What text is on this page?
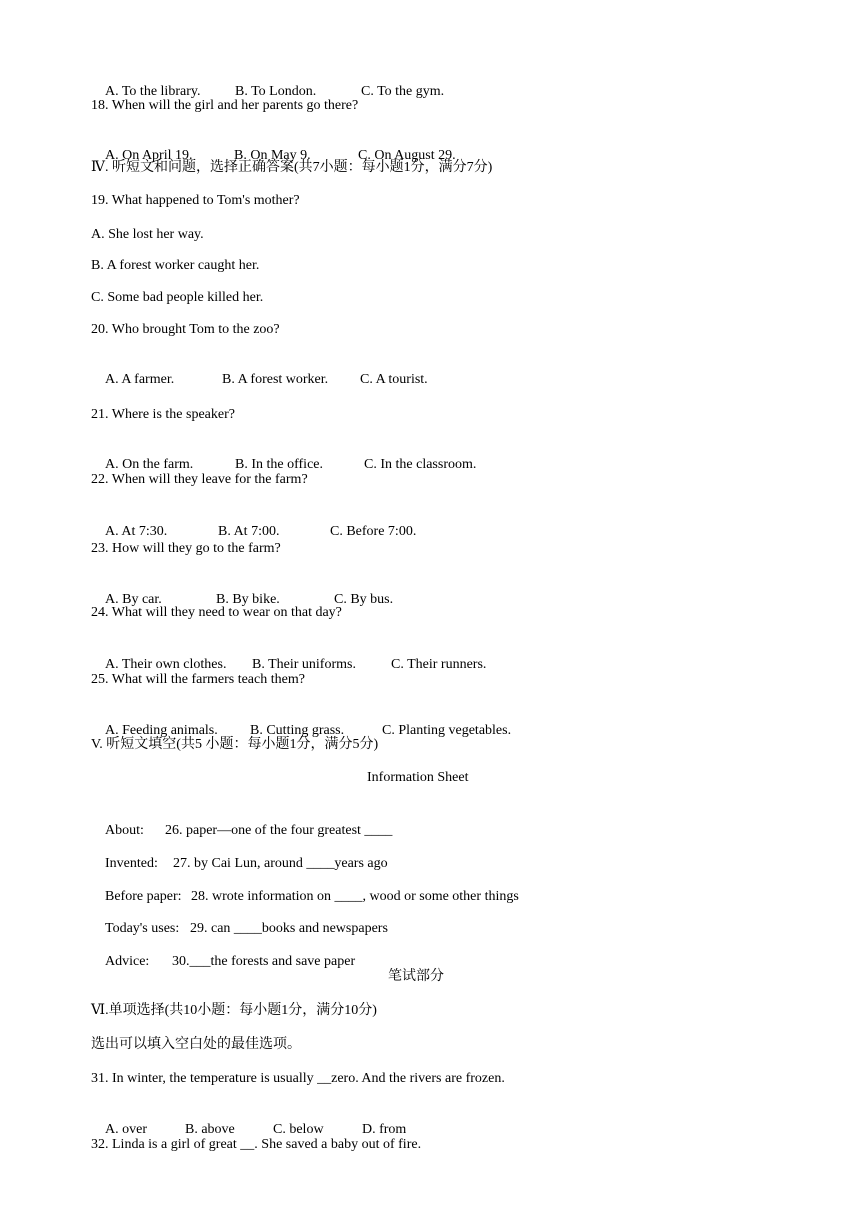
A. To the library. B. To London.	C. To the gym.

18. When will the girl and her parents go there?

A. On April 19.	B. On May 9.	C. On August 29.

Ⅳ. 听短文和问题，选择正确答案(共7小题：每小题1分，满分7分)

19. What happened to Tom's mother?

A. She lost her way.

B. A forest worker caught her.

C. Some bad people killed her.

20. Who brought Tom to the zoo?

A. A farmer.	B. A forest worker. C. A tourist.

21. Where is the speaker?

A. On the farm.	B. In the office.	C. In the classroom.

22. When will they leave for the farm?

A. At 7:30.	B. At 7:00.	C. Before 7:00.

23. How will they go to the farm?

A. By car.	B. By bike.	C. By bus.

24. What will they need to wear on that day?

A. Their own clothes. B. Their uniforms.	C. Their runners.

25. What will the farmers teach them?

A. Feeding animals. B. Cutting grass.	C. Planting vegetables.

V. 听短文填空(共5 小题：每小题1分，满分5分)

Information Sheet

About: 26. paper—one of the four greatest ____

Invented: 27. by Cai Lun, around ____years ago

Before paper: 28. wrote information on ____, wood or some other things

Today's uses: 29. can ____books and newspapers

Advice: 30.___the forests and save paper

笔试部分

Ⅵ.单项选择(共10小题：每小题1分，满分10分)

选出可以填入空白处的最佳选项。

31. In winter, the temperature is usually __zero. And the rivers are frozen.

A. over	B. above	C. below	D. from

32. Linda is a girl of great __. She saved a baby out of fire.
